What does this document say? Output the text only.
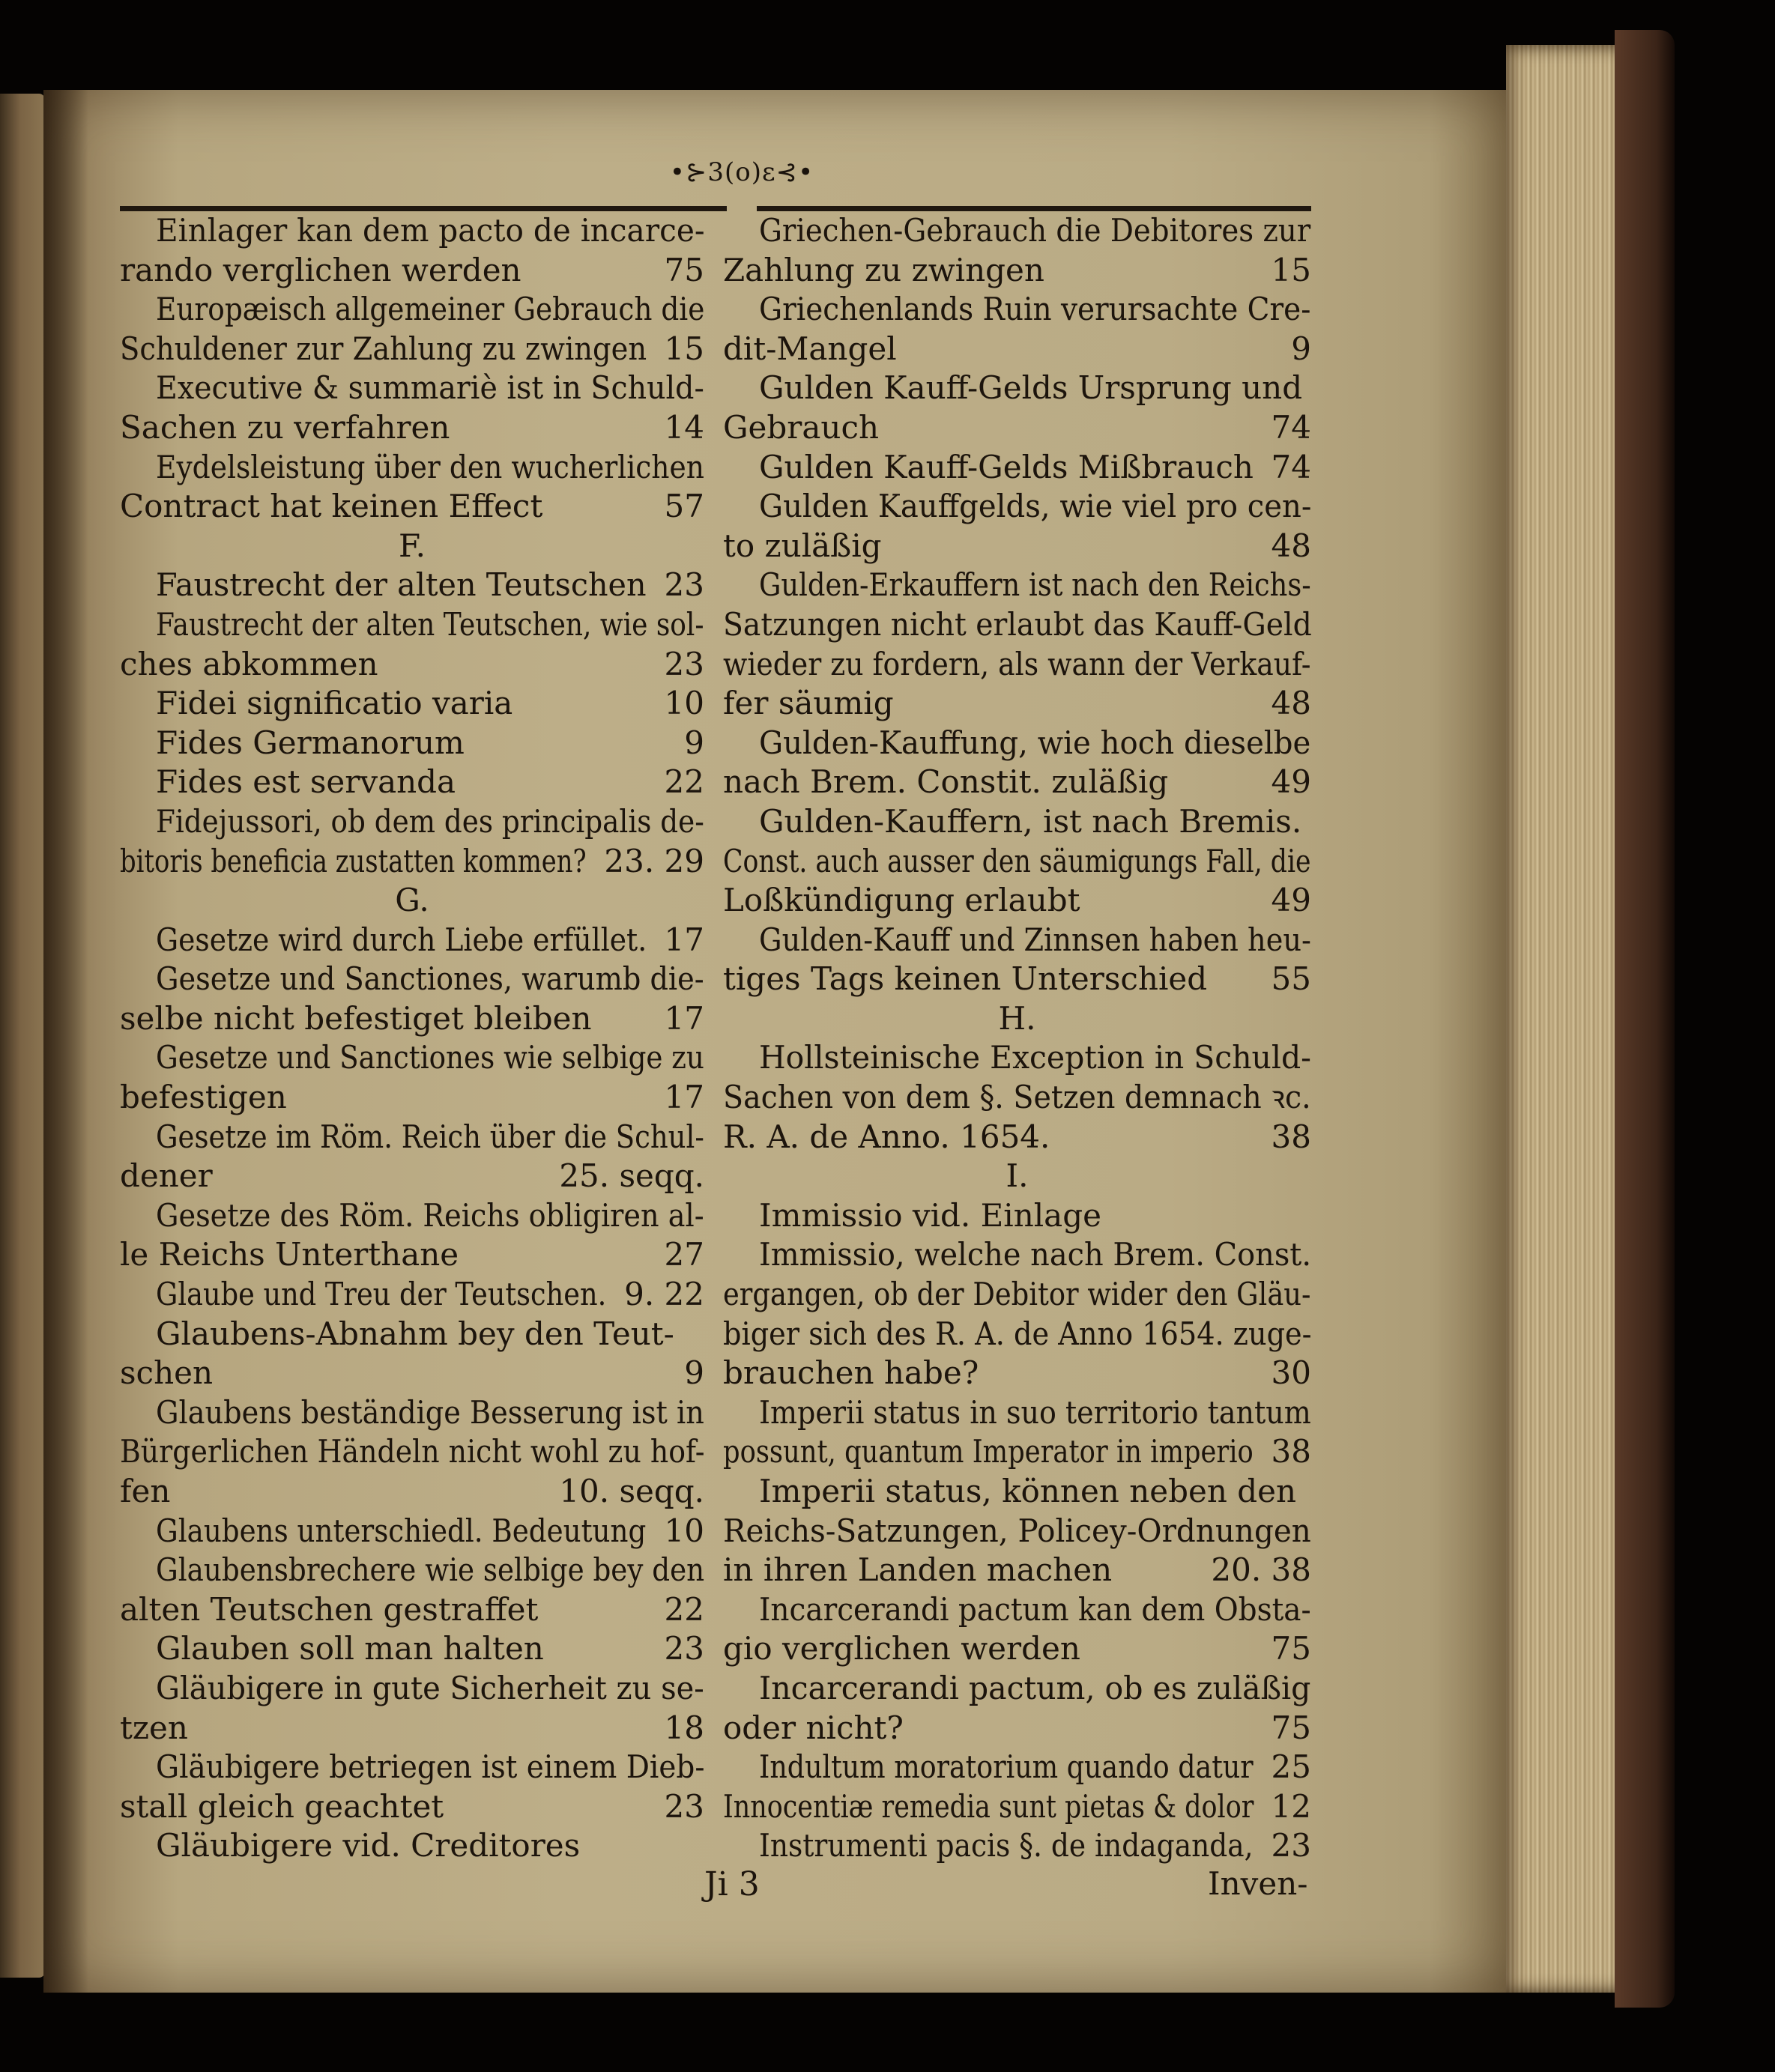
•⊱3(o)ε⊰•
Einlager kan dem pacto de incarce-
rando verglichen werden	75
Europæisch allgemeiner Gebrauch die
Schuldener zur Zahlung zu zwingen 15
Executive & summariè ist in Schuld-
Sachen zu verfahren	14
Eydelsleistung über den wucherlichen
Contract hat keinen Effect	57
F.
Faustrecht der alten Teutschen 23
Faustrecht der alten Teutschen, wie sol-
ches abkommen	23
Fidei significatio varia	10
Fides Germanorum	9
Fides est servanda	22
Fidejussori, ob dem des principalis de-
bitoris beneficia zustatten kommen? 23. 29
G.
Gesetze wird durch Liebe erfüllet. 17
Gesetze und Sanctiones, warumb die-
selbe nicht befestiget bleiben 17
Gesetze und Sanctiones wie selbige zu
befestigen	17
Gesetze im Röm. Reich über die Schul-
dener	25. seqq.
Gesetze des Röm. Reichs obligiren al-
le Reichs Unterthane	27
Glaube und Treu der Teutschen. 9. 22
Glaubens-Abnahm bey den Teut-
schen	9
Glaubens beständige Besserung ist in
Bürgerlichen Händeln nicht wohl zu hof-
fen	10. seqq.
Glaubens unterschiedl. Bedeutung 10
Glaubensbrechere wie selbige bey den
alten Teutschen gestraffet	22
Glauben soll man halten	23
Gläubigere in gute Sicherheit zu se-
tzen	18
Gläubigere betriegen ist einem Dieb-
stall gleich geachtet	23
Gläubigere vid. Creditores
Griechen-Gebrauch die Debitores zur
Zahlung zu zwingen	15
Griechenlands Ruin verursachte Cre-
dit-Mangel	9
Gulden Kauff-Gelds Ursprung und
Gebrauch	74
Gulden Kauff-Gelds Mißbrauch 74
Gulden Kauffgelds, wie viel pro cen-
to zuläßig	48
Gulden-Erkauffern ist nach den Reichs-
Satzungen nicht erlaubt das Kauff-Geld
wieder zu fordern, als wann der Verkauf-
fer säumig	48
Gulden-Kauffung, wie hoch dieselbe
nach Brem. Constit. zuläßig	49
Gulden-Kauffern, ist nach Bremis.
Const. auch ausser den säumigungs Fall, die
Loßkündigung erlaubt	49
Gulden-Kauff und Zinnsen haben heu-
tiges Tags keinen Unterschied 55
H.
Hollsteinische Exception in Schuld-
Sachen von dem §. Setzen demnach ꝛc.
R. A. de Anno. 1654.	38
I.
Immissio vid. Einlage
Immissio, welche nach Brem. Const.
ergangen, ob der Debitor wider den Gläu-
biger sich des R. A. de Anno 1654. zuge-
brauchen habe?	30
Imperii status in suo territorio tantum
possunt, quantum Imperator in imperio 38
Imperii status, können neben den
Reichs-Satzungen, Policey-Ordnungen
in ihren Landen machen	20. 38
Incarcerandi pactum kan dem Obsta-
gio verglichen werden	75
Incarcerandi pactum, ob es zuläßig
oder nicht?	75
Indultum moratorium quando datur 25
Innocentiæ remedia sunt pietas & dolor 12
Instrumenti pacis §. de indaganda, 23
Ji 3	Inven-
